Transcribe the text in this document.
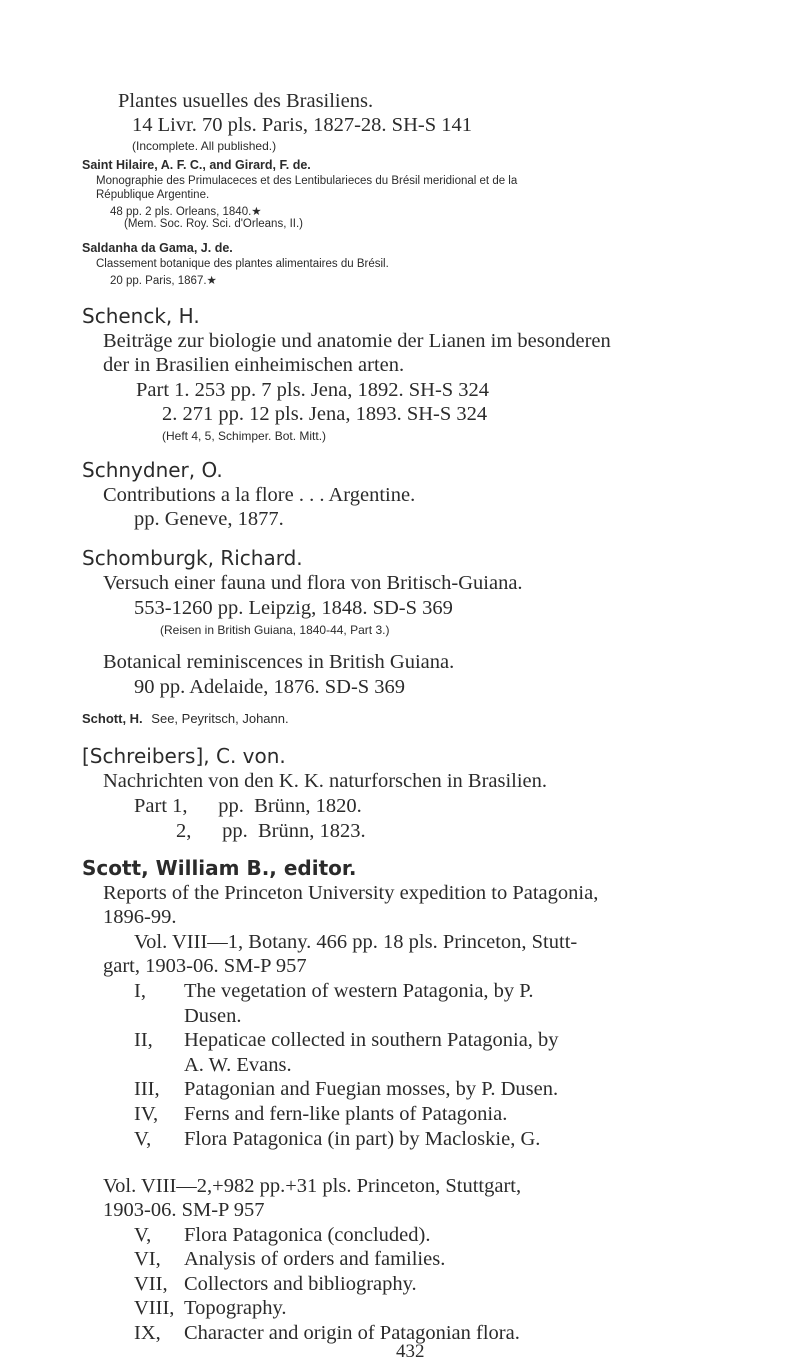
Plantes usuelles des Brasiliens.
14 Livr. 70 pls. Paris, 1827-28. SH-S 141
(Incomplete. All published.)
Saint Hilaire, A. F. C., and Girard, F. de.
Monographie des Primulaceces et des Lentibularieces du Brésil meridional et de la
République Argentine.
48 pp. 2 pls. Orleans, 1840.★
(Mem. Soc. Roy. Sci. d'Orleans, II.)
Saldanha da Gama, J. de.
Classement botanique des plantes alimentaires du Brésil.
20 pp. Paris, 1867.★
Schenck, H.
Beiträge zur biologie und anatomie der Lianen im besonderen
der in Brasilien einheimischen arten.
Part 1. 253 pp. 7 pls. Jena, 1892. SH-S 324
2. 271 pp. 12 pls. Jena, 1893. SH-S 324
(Heft 4, 5, Schimper. Bot. Mitt.)
Schnydner, O.
Contributions a la flore . . . Argentine.
pp. Geneve, 1877.
Schomburgk, Richard.
Versuch einer fauna und flora von Britisch-Guiana.
553-1260 pp. Leipzig, 1848. SD-S 369
(Reisen in British Guiana, 1840-44, Part 3.)
Botanical reminiscences in British Guiana.
90 pp. Adelaide, 1876. SD-S 369
Schott, H. See, Peyritsch, Johann.
[Schreibers], C. von.
Nachrichten von den K. K. naturforschen in Brasilien.
Part 1,      pp.  Brünn, 1820.
2,      pp.  Brünn, 1823.
Scott, William B., editor.
Reports of the Princeton University expedition to Patagonia,
1896-99.
Vol. VIII—1, Botany. 466 pp. 18 pls. Princeton, Stutt-
gart, 1903-06. SM-P 957
I, The vegetation of western Patagonia, by P.
Dusen.
II, Hepaticae collected in southern Patagonia, by
A. W. Evans.
III, Patagonian and Fuegian mosses, by P. Dusen.
IV, Ferns and fern-like plants of Patagonia.
V, Flora Patagonica (in part) by Macloskie, G.
Vol. VIII—2,+982 pp.+31 pls. Princeton, Stuttgart,
1903-06. SM-P 957
V, Flora Patagonica (concluded).
VI, Analysis of orders and families.
VII, Collectors and bibliography.
VIII, Topography.
IX, Character and origin of Patagonian flora.
432
